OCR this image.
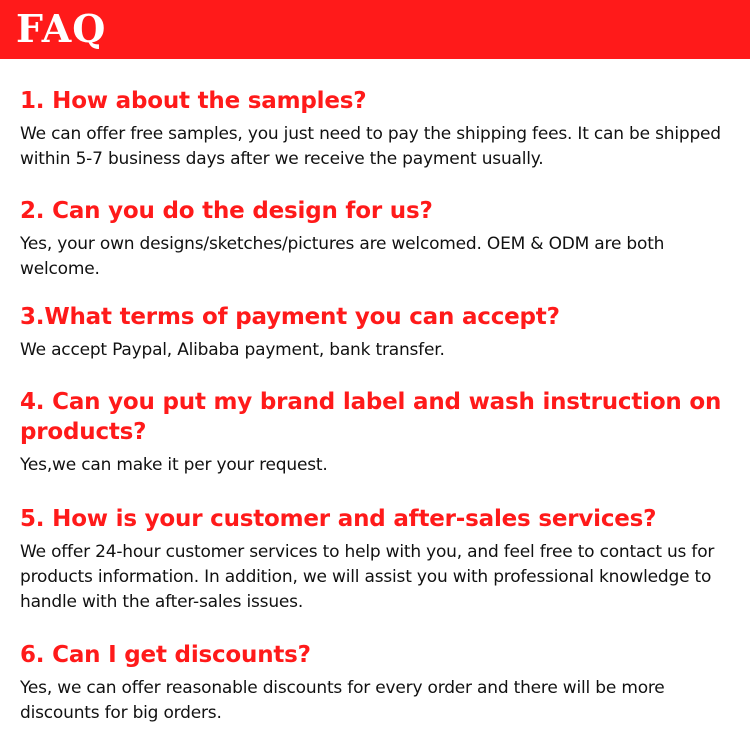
FAQ

1. How about the samples?

We can offer free samples, you just need to pay the shipping fees. It can be shipped within 5-7 business days after we receive the payment usually.

2. Can you do the design for us?

Yes, your own designs/sketches/pictures are welcomed. OEM & ODM are both welcome.

3.What terms of payment you can accept?

We accept Paypal, Alibaba payment, bank transfer.

4. Can you put my brand label and wash instruction on products?

Yes,we can make it per your request.

5. How is your customer and after-sales services?

We offer 24-hour customer services to help with you, and feel free to contact us for products information. In addition, we will assist you with professional knowledge to handle with the after-sales issues.

6. Can I get discounts?

Yes, we can offer reasonable discounts for every order and there will be more discounts for big orders.
